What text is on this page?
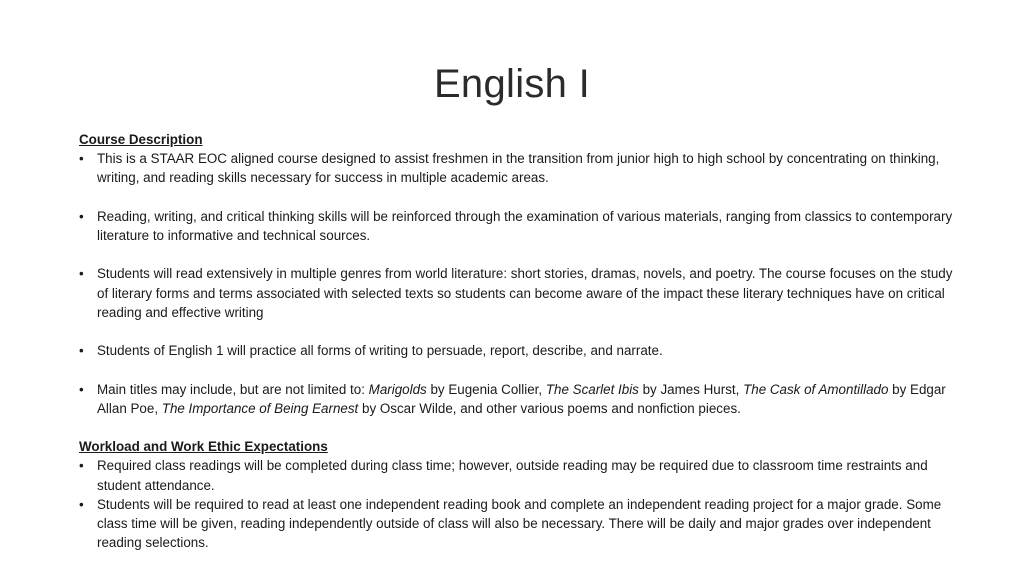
English I
Course Description
• This is a STAAR EOC aligned course designed to assist freshmen in the transition from junior high to high school by concentrating on thinking, writing, and reading skills necessary for success in multiple academic areas.
• Reading, writing, and critical thinking skills will be reinforced through the examination of various materials, ranging from classics to contemporary literature to informative and technical sources.
• Students will read extensively in multiple genres from world literature: short stories, dramas, novels, and poetry. The course focuses on the study of literary forms and terms associated with selected texts so students can become aware of the impact these literary techniques have on critical reading and effective writing
• Students of English 1 will practice all forms of writing to persuade, report, describe, and narrate.
• Main titles may include, but are not limited to: Marigolds by Eugenia Collier, The Scarlet Ibis by James Hurst, The Cask of Amontillado by Edgar Allan Poe, The Importance of Being Earnest by Oscar Wilde, and other various poems and nonfiction pieces.
Workload and Work Ethic Expectations
• Required class readings will be completed during class time; however, outside reading may be required due to classroom time restraints and student attendance.
• Students will be required to read at least one independent reading book and complete an independent reading project for a major grade. Some class time will be given, reading independently outside of class will also be necessary. There will be daily and major grades over independent reading selections.
